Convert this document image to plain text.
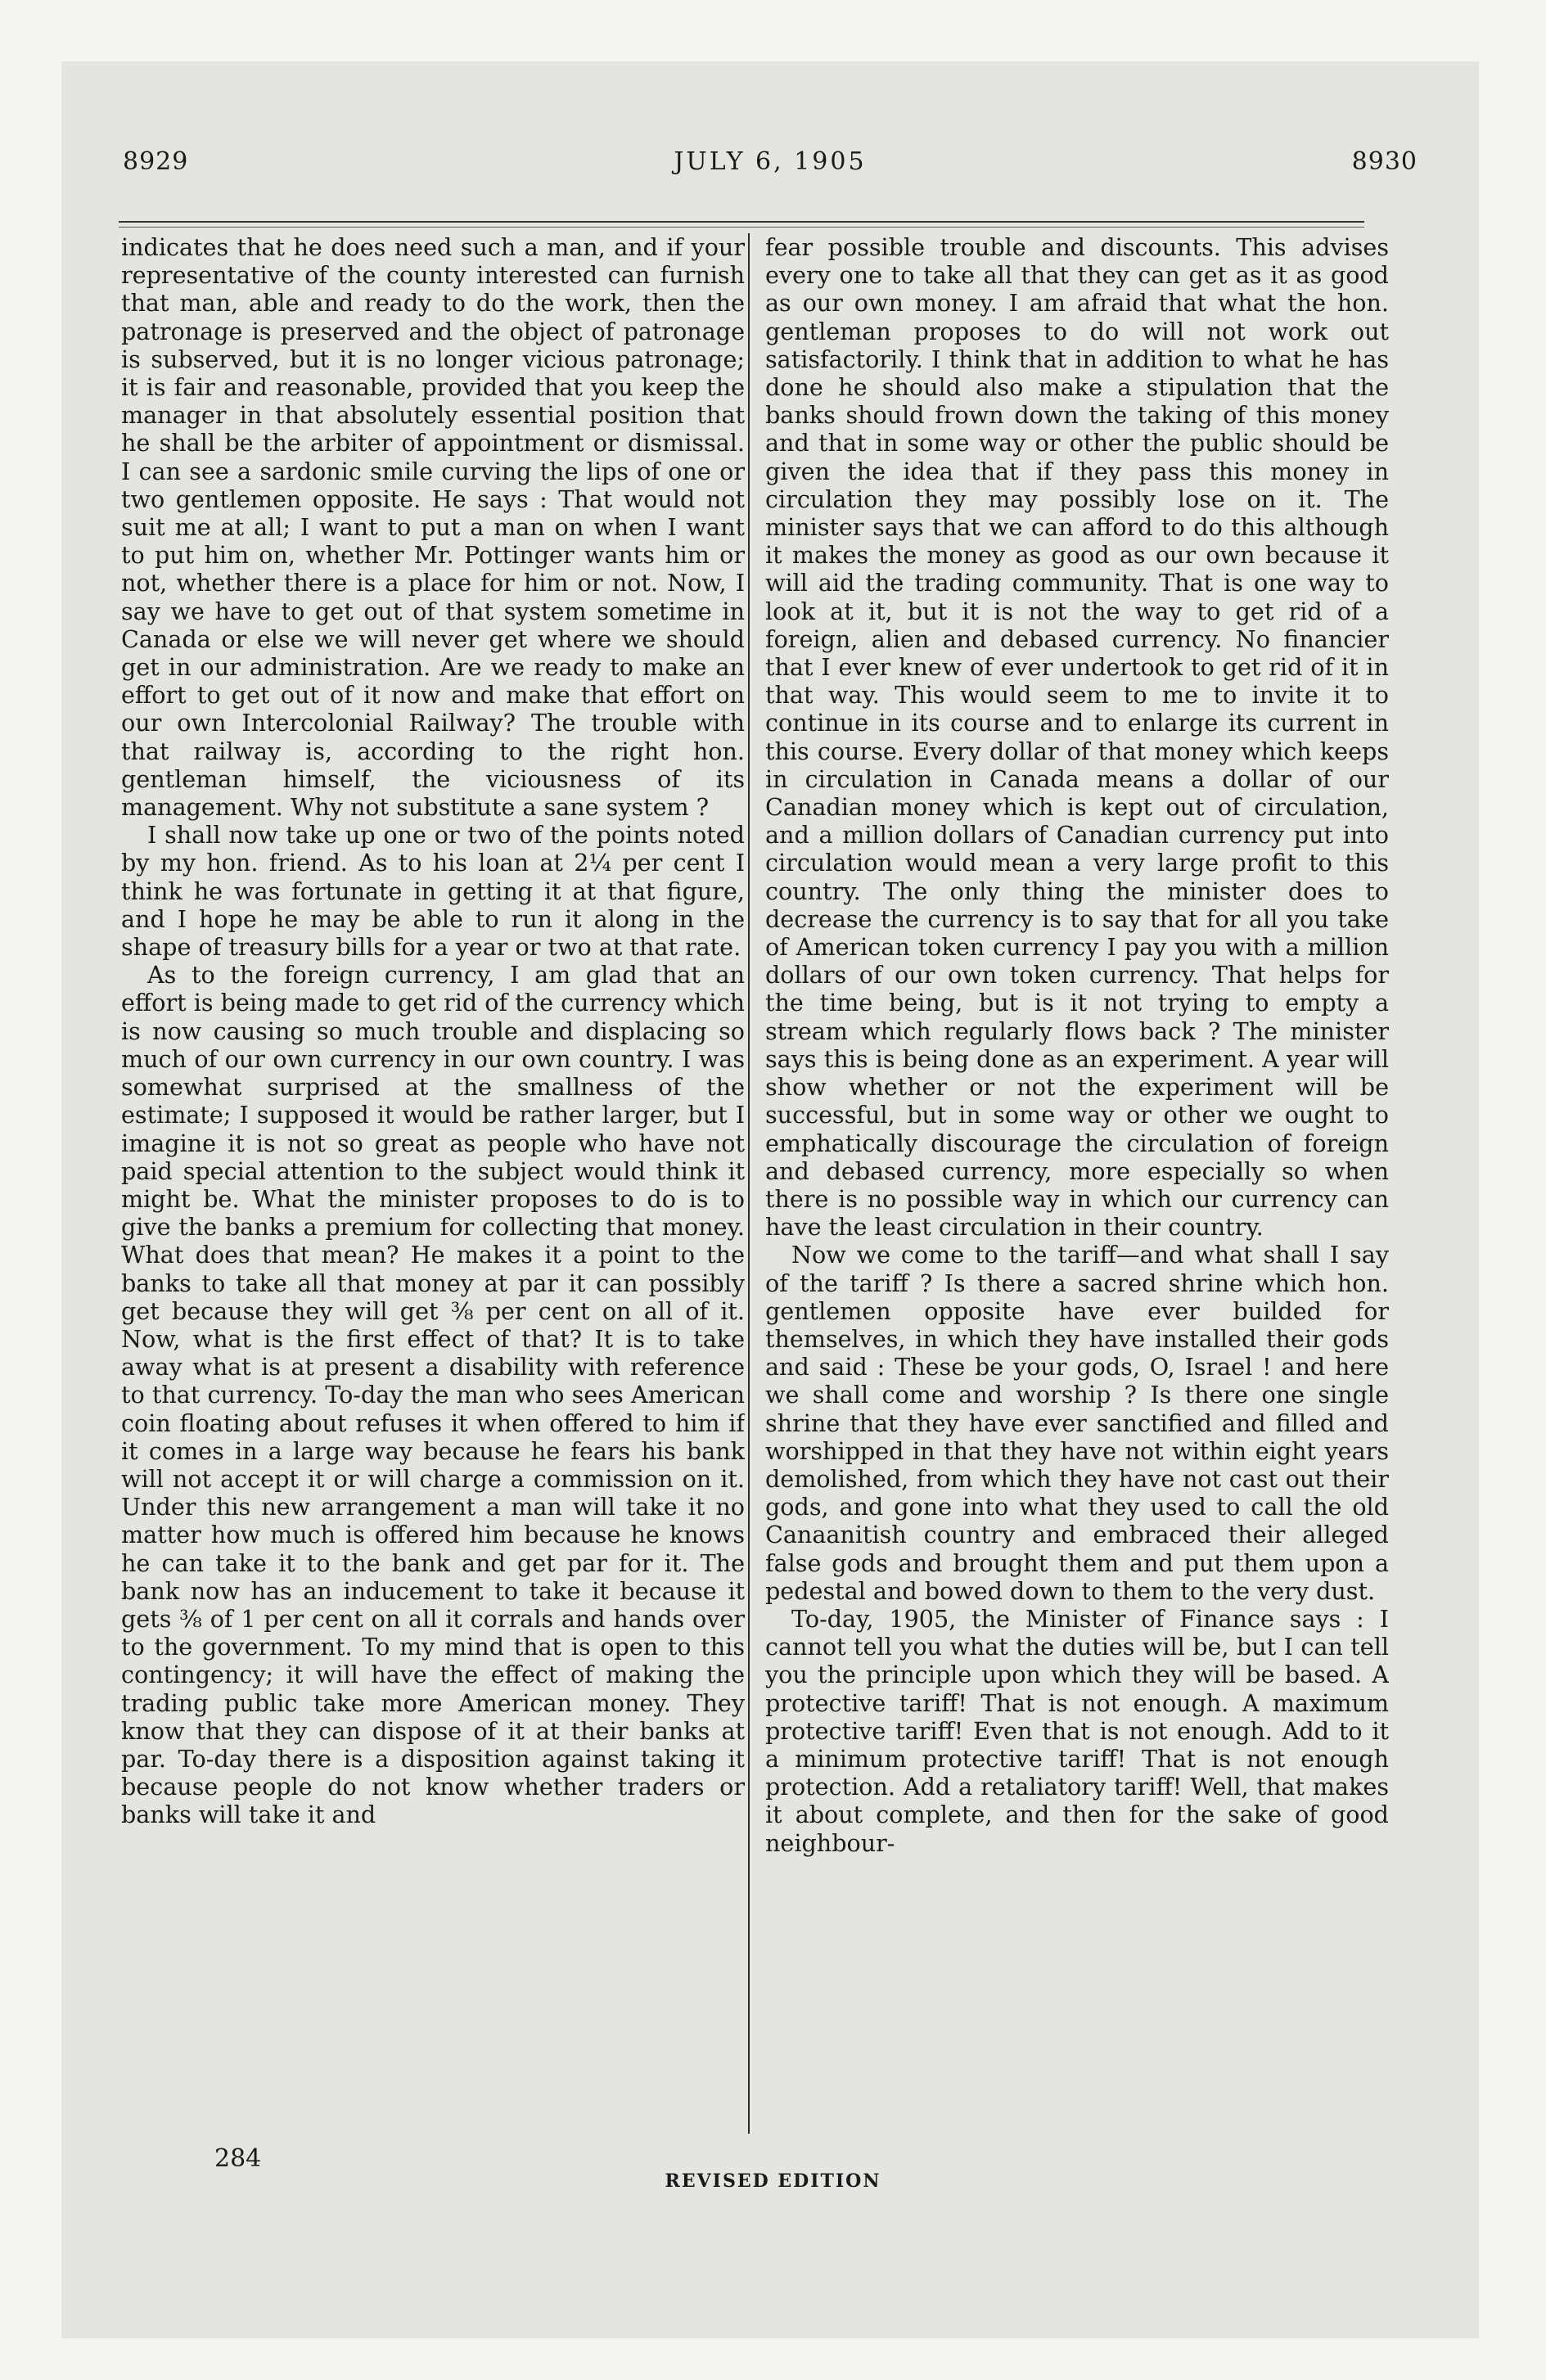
8929	JULY 6, 1905	8930

indicates that he does need such a man, and if your representative of the county interested can furnish that man, able and ready to do the work, then the patronage is preserved and the object of patronage is subserved, but it is no longer vicious patronage; it is fair and reasonable, provided that you keep the manager in that absolutely essential position that he shall be the arbiter of appointment or dismissal. I can see a sardonic smile curving the lips of one or two gentlemen opposite. He says : That would not suit me at all; I want to put a man on when I want to put him on, whether Mr. Pottinger wants him or not, whether there is a place for him or not. Now, I say we have to get out of that system sometime in Canada or else we will never get where we should get in our administration. Are we ready to make an effort to get out of it now and make that effort on our own Intercolonial Railway? The trouble with that railway is, according to the right hon. gentleman himself, the viciousness of its management. Why not substitute a sane system ?

I shall now take up one or two of the points noted by my hon. friend. As to his loan at 2¼ per cent I think he was fortunate in getting it at that figure, and I hope he may be able to run it along in the shape of treasury bills for a year or two at that rate.

As to the foreign currency, I am glad that an effort is being made to get rid of the currency which is now causing so much trouble and displacing so much of our own currency in our own country. I was somewhat surprised at the smallness of the estimate; I supposed it would be rather larger, but I imagine it is not so great as people who have not paid special attention to the subject would think it might be. What the minister proposes to do is to give the banks a premium for collecting that money. What does that mean? He makes it a point to the banks to take all that money at par it can possibly get because they will get ⅜ per cent on all of it. Now, what is the first effect of that? It is to take away what is at present a disability with reference to that currency. To-day the man who sees American coin floating about refuses it when offered to him if it comes in a large way because he fears his bank will not accept it or will charge a commission on it. Under this new arrangement a man will take it no matter how much is offered him because he knows he can take it to the bank and get par for it. The bank now has an inducement to take it because it gets ⅜ of 1 per cent on all it corrals and hands over to the government. To my mind that is open to this contingency; it will have the effect of making the trading public take more American money. They know that they can dispose of it at their banks at par. To-day there is a disposition against taking it because people do not know whether traders or banks will take it and

fear possible trouble and discounts. This advises every one to take all that they can get as it as good as our own money. I am afraid that what the hon. gentleman proposes to do will not work out satisfactorily. I think that in addition to what he has done he should also make a stipulation that the banks should frown down the taking of this money and that in some way or other the public should be given the idea that if they pass this money in circulation they may possibly lose on it. The minister says that we can afford to do this although it makes the money as good as our own because it will aid the trading community. That is one way to look at it, but it is not the way to get rid of a foreign, alien and debased currency. No financier that I ever knew of ever undertook to get rid of it in that way. This would seem to me to invite it to continue in its course and to enlarge its current in this course. Every dollar of that money which keeps in circulation in Canada means a dollar of our Canadian money which is kept out of circulation, and a million dollars of Canadian currency put into circulation would mean a very large profit to this country. The only thing the minister does to decrease the currency is to say that for all you take of American token currency I pay you with a million dollars of our own token currency. That helps for the time being, but is it not trying to empty a stream which regularly flows back ? The minister says this is being done as an experiment. A year will show whether or not the experiment will be successful, but in some way or other we ought to emphatically discourage the circulation of foreign and debased currency, more especially so when there is no possible way in which our currency can have the least circulation in their country.

Now we come to the tariff—and what shall I say of the tariff ? Is there a sacred shrine which hon. gentlemen opposite have ever builded for themselves, in which they have installed their gods and said : These be your gods, O, Israel ! and here we shall come and worship ? Is there one single shrine that they have ever sanctified and filled and worshipped in that they have not within eight years demolished, from which they have not cast out their gods, and gone into what they used to call the old Canaanitish country and embraced their alleged false gods and brought them and put them upon a pedestal and bowed down to them to the very dust.

To-day, 1905, the Minister of Finance says : I cannot tell you what the duties will be, but I can tell you the principle upon which they will be based. A protective tariff! That is not enough. A maximum protective tariff! Even that is not enough. Add to it a minimum protective tariff! That is not enough protection. Add a retaliatory tariff! Well, that makes it about complete, and then for the sake of good neighbour-

284
REVISED EDITION
